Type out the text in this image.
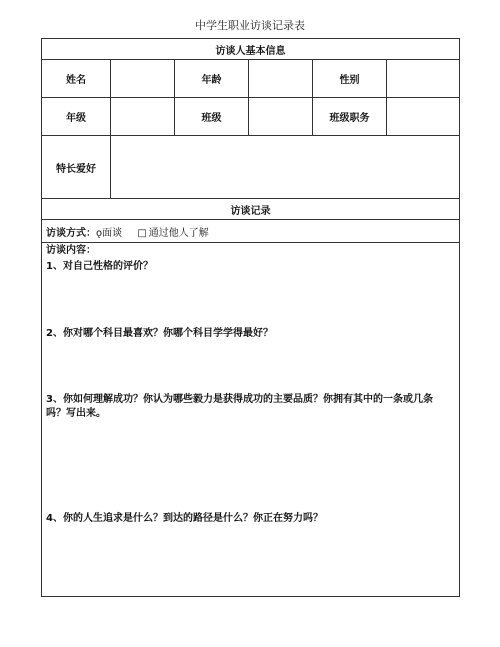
中学生职业访谈记录表
访谈人基本信息					
姓名		年龄		性别	
年级		班级		班级职务	
特长爱好					
访谈记录					
访谈方式：ǫ面谈 □ 通过他人了解					

访谈内容：
1、对自己性格的评价？
2、你对哪个科目最喜欢？你哪个科目学学得最好？
3、你如何理解成功？你认为哪些毅力是获得成功的主要品质？你拥有其中的一条或几条吗？写出来。
4、你的人生追求是什么？到达的路径是什么？你正在努力吗？					
